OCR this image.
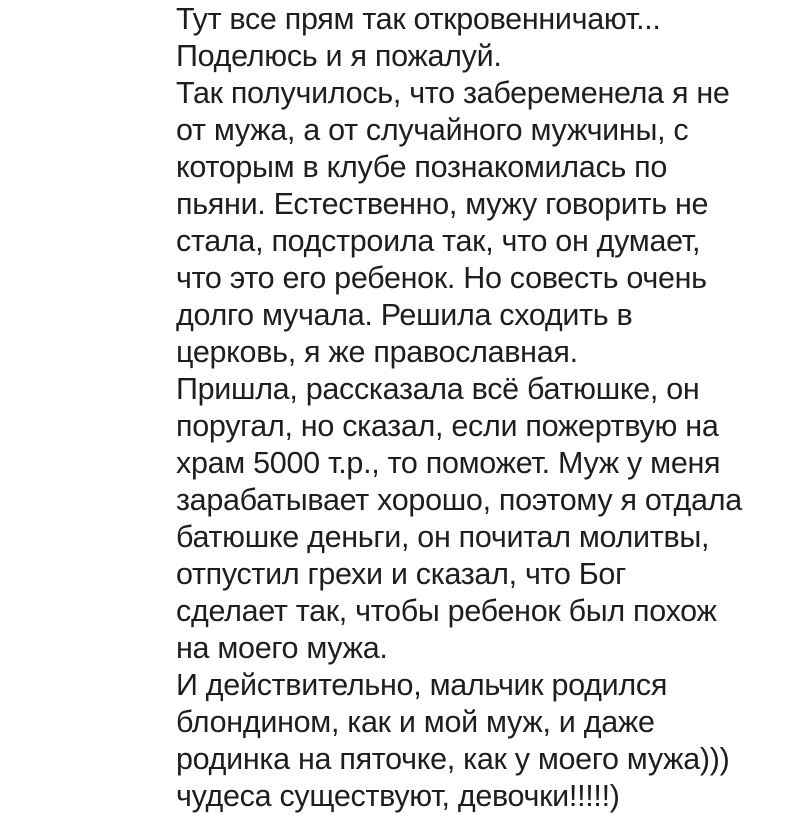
Тут все прям так откровенничают...

Поделюсь и я пожалуй.

Так получилось, что забеременела я не

от мужа, а от случайного мужчины, с

которым в клубе познакомилась по

пьяни. Естественно, мужу говорить не

стала, подстроила так, что он думает,

что это его ребенок. Но совесть очень

долго мучала. Решила сходить в

церковь, я же православная.

Пришла, рассказала всё батюшке, он

поругал, но сказал, если пожертвую на

храм 5000 т.р., то поможет. Муж у меня

зарабатывает хорошо, поэтому я отдала

батюшке деньги, он почитал молитвы,

отпустил грехи и сказал, что Бог

сделает так, чтобы ребенок был похож

на моего мужа.

И действительно, мальчик родился

блондином, как и мой муж, и даже

родинка на пяточке, как у моего мужа)))

чудеса существуют, девочки!!!!!)
